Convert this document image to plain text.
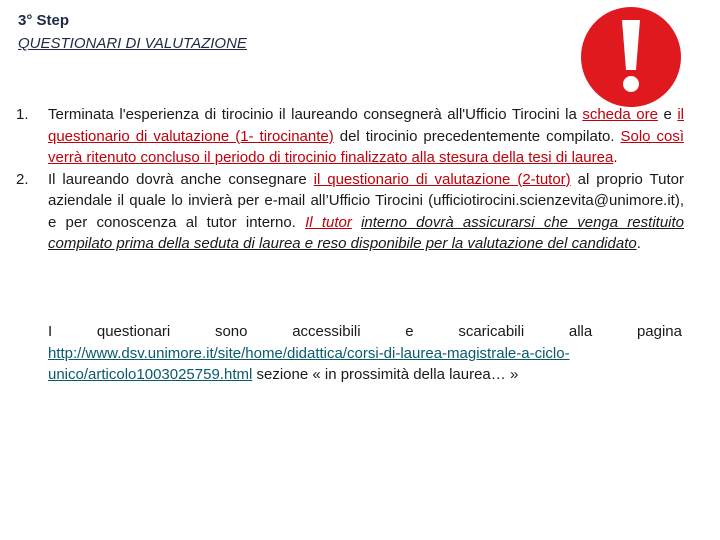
3° Step
QUESTIONARI DI VALUTAZIONE
1. Terminata l'esperienza di tirocinio il laureando consegnerà all'Ufficio Tirocini la scheda ore e il questionario di valutazione (1- tirocinante) del tirocinio precedentemente compilato. Solo così verrà ritenuto concluso il periodo di tirocinio finalizzato alla stesura della tesi di laurea.
2. Il laureando dovrà anche consegnare il questionario di valutazione (2-tutor) al proprio Tutor aziendale il quale lo invierà per e-mail all’Ufficio Tirocini (ufficiotirocini.scienzevita@unimore.it), e per conoscenza al tutor interno. Il tutor interno dovrà assicurarsi che venga restituito compilato prima della seduta di laurea e reso disponibile per la valutazione del candidato.
I questionari sono accessibili e scaricabili alla pagina
http://www.dsv.unimore.it/site/home/didattica/corsi-di-laurea-magistrale-a-ciclo-unico/articolo1003025759.html sezione « in prossimità della laurea… »
